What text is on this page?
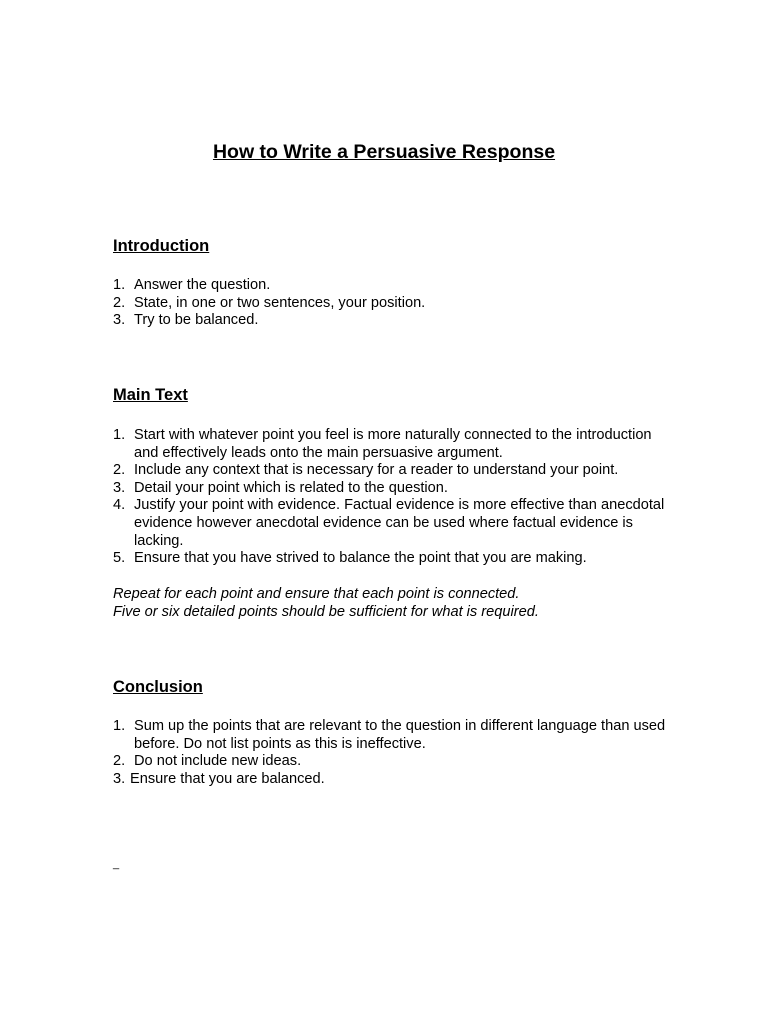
How to Write a Persuasive Response
Introduction
1. Answer the question.
2. State, in one or two sentences, your position.
3. Try to be balanced.
Main Text
1. Start with whatever point you feel is more naturally connected to the introduction and effectively leads onto the main persuasive argument.
2. Include any context that is necessary for a reader to understand your point.
3. Detail your point which is related to the question.
4. Justify your point with evidence. Factual evidence is more effective than anecdotal evidence however anecdotal evidence can be used where factual evidence is lacking.
5. Ensure that you have strived to balance the point that you are making.

Repeat for each point and ensure that each point is connected.
Five or six detailed points should be sufficient for what is required.

Conclusion
1. Sum up the points that are relevant to the question in different language than used before. Do not list points as this is ineffective.
2. Do not include new ideas.
3. Ensure that you are balanced.
_
